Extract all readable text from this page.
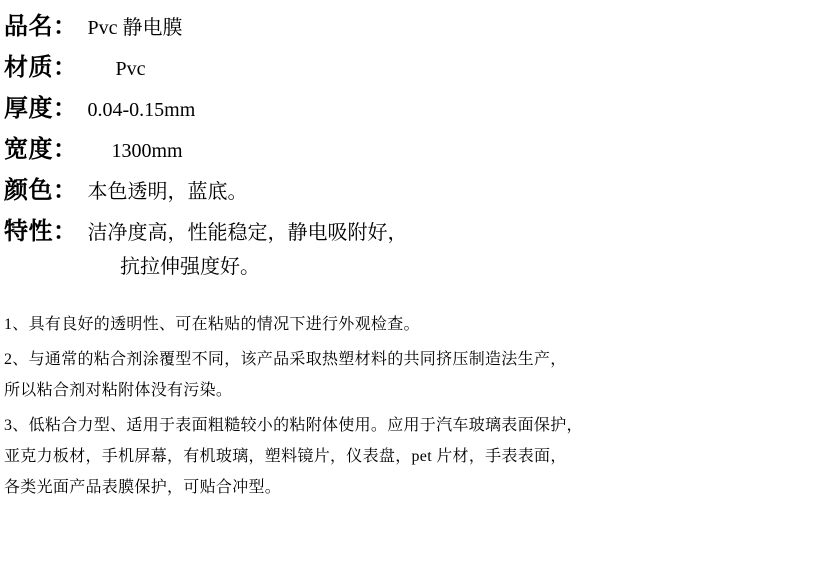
品名： Pvc 静电膜
材质： Pvc
厚度： 0.04-0.15mm
宽度： 1300mm
颜色： 本色透明，蓝底。
特性： 洁净度高，性能稳定，静电吸附好，
抗拉伸强度好。

1、具有良好的透明性、可在粘贴的情况下进行外观检查。

2、与通常的粘合剂涂覆型不同，该产品采取热塑材料的共同挤压制造法生产，
所以粘合剂对粘附体没有污染。

3、低粘合力型、适用于表面粗糙较小的粘附体使用。应用于汽车玻璃表面保护，
亚克力板材，手机屏幕，有机玻璃，塑料镜片，仪表盘，pet 片材，手表表面，
各类光面产品表膜保护，可贴合冲型。
